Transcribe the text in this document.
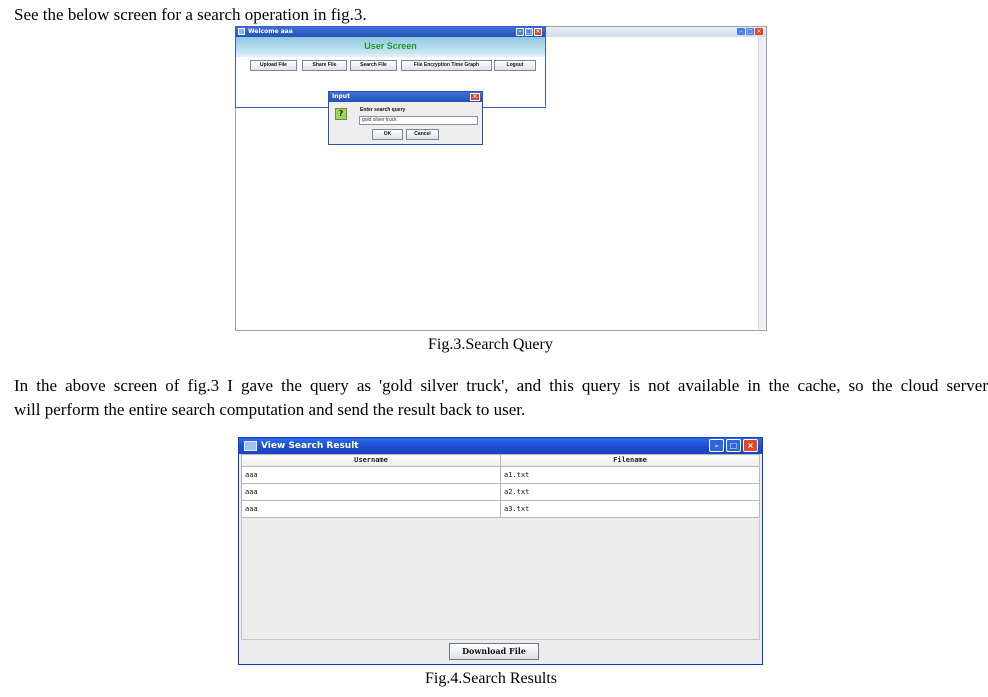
See the below screen for a search operation in fig.3.
– □ ×
Welcome aaa	– □ ×
User Screen
Upload File	Share File	Search File	File Encryption Time Graph	Logout
Input	×
?	Enter search query
gold silver truck
OK	Cancel
Fig.3.Search Query
In the above screen of fig.3 I gave the query as 'gold silver truck', and this query is not available in the cache, so the cloud server
will perform the entire search computation and send the result back to user.
View Search Result	–	□	×
Username	Filename
aaa	a1.txt
aaa	a2.txt
aaa	a3.txt
Download File
Fig.4.Search Results
